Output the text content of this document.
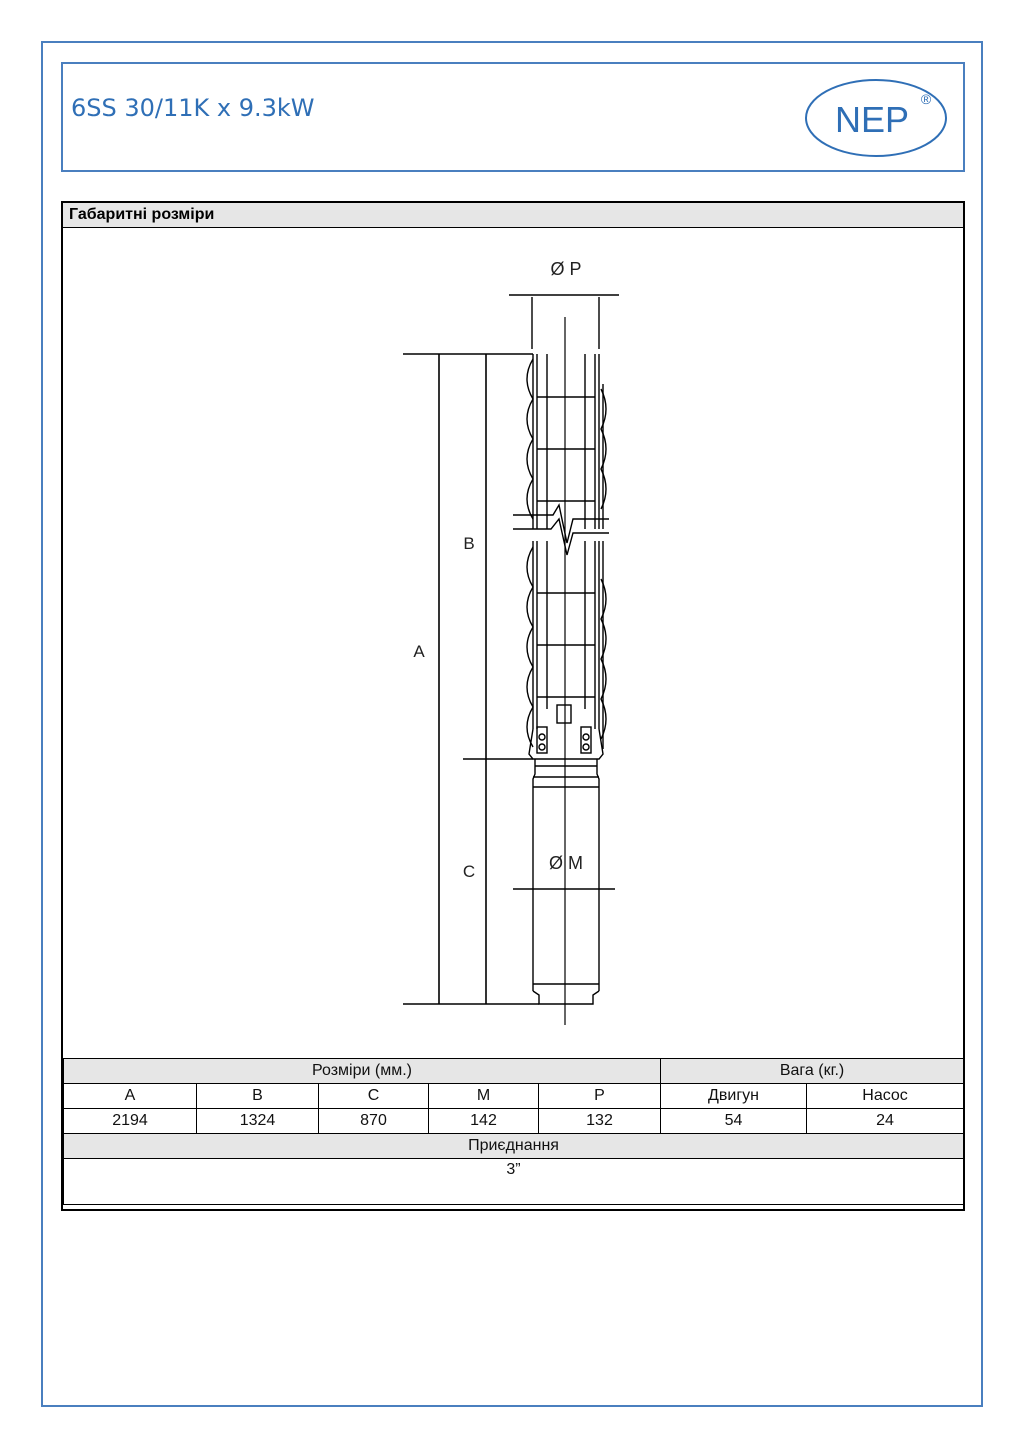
6SS 30/11K x 9.3kW	NEP ®
Габаритні розміри
Ø P
Ø M
A
B
C
Розміри (мм.)					Вага (кг.)	
A	B	C	M	P	Двигун	Насос
2194	1324	870	142	132	54	24
Приєднання						
3”						
